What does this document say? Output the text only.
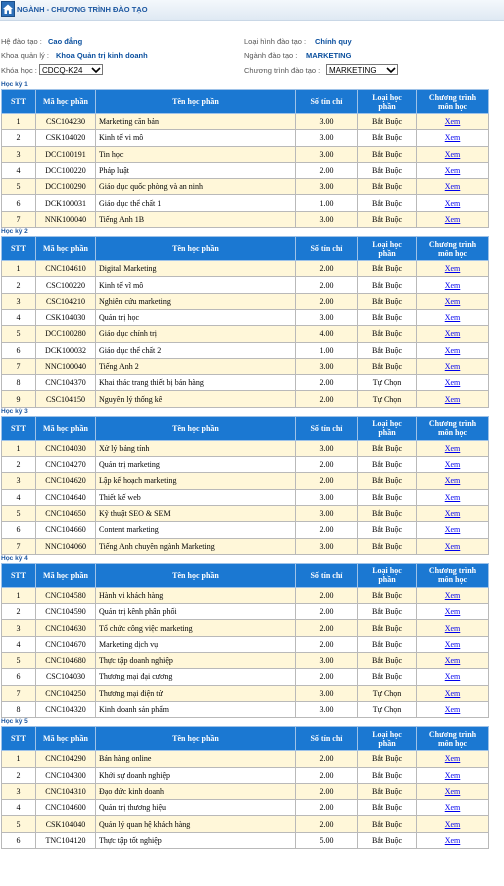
NGÀNH - CHƯƠNG TRÌNH ĐÀO TẠO
Hệ đào tạo : Cao đẳng	Loại hình đào tạo : Chính quy
Khoa quản lý : Khoa Quản trị kinh doanh	Ngành đào tạo : MARKETING
Khóa học : CDCQ-K24	Chương trình đào tạo :	MARKETING
Học kỳ 1
STT	Mã học phần	Tên học phần	Số tín chỉ	Loại học
phần	Chương trình
môn học
1	CSC104230	Marketing căn bản	3.00	Bắt Buộc	Xem
2	CSK104020	Kinh tế vi mô	3.00	Bắt Buộc	Xem
3	DCC100191	Tin học	3.00	Bắt Buộc	Xem
4	DCC100220	Pháp luật	2.00	Bắt Buộc	Xem
5	DCC100290	Giáo dục quốc phòng và an ninh	3.00	Bắt Buộc	Xem
6	DCK100031	Giáo dục thể chất 1	1.00	Bắt Buộc	Xem
7	NNK100040	Tiếng Anh 1B	3.00	Bắt Buộc	Xem
Học kỳ 2
STT	Mã học phần	Tên học phần	Số tín chỉ	Loại học
phần	Chương trình
môn học
1	CNC104610	Digital Marketing	2.00	Bắt Buộc	Xem
2	CSC100220	Kinh tế vĩ mô	2.00	Bắt Buộc	Xem
3	CSC104210	Nghiên cứu marketing	2.00	Bắt Buộc	Xem
4	CSK104030	Quản trị học	3.00	Bắt Buộc	Xem
5	DCC100280	Giáo dục chính trị	4.00	Bắt Buộc	Xem
6	DCK100032	Giáo dục thể chất 2	1.00	Bắt Buộc	Xem
7	NNC100040	Tiếng Anh 2	3.00	Bắt Buộc	Xem
8	CNC104370	Khai thác trang thiết bị bán hàng	2.00	Tự Chọn	Xem
9	CSC104150	Nguyên lý thống kê	2.00	Tự Chọn	Xem
Học kỳ 3
STT	Mã học phần	Tên học phần	Số tín chỉ	Loại học
phần	Chương trình
môn học
1	CNC104030	Xử lý bảng tính	3.00	Bắt Buộc	Xem
2	CNC104270	Quản trị marketing	2.00	Bắt Buộc	Xem
3	CNC104620	Lập kế hoạch marketing	2.00	Bắt Buộc	Xem
4	CNC104640	Thiết kế web	3.00	Bắt Buộc	Xem
5	CNC104650	Kỹ thuật SEO & SEM	3.00	Bắt Buộc	Xem
6	CNC104660	Content marketing	2.00	Bắt Buộc	Xem
7	NNC104060	Tiếng Anh chuyên ngành Marketing	3.00	Bắt Buộc	Xem
Học kỳ 4
STT	Mã học phần	Tên học phần	Số tín chỉ	Loại học
phần	Chương trình
môn học
1	CNC104580	Hành vi khách hàng	2.00	Bắt Buộc	Xem
2	CNC104590	Quản trị kênh phân phối	2.00	Bắt Buộc	Xem
3	CNC104630	Tổ chức công việc marketing	2.00	Bắt Buộc	Xem
4	CNC104670	Marketing dịch vụ	2.00	Bắt Buộc	Xem
5	CNC104680	Thực tập doanh nghiệp	3.00	Bắt Buộc	Xem
6	CSC104030	Thương mại đại cương	2.00	Bắt Buộc	Xem
7	CNC104250	Thương mại điện tử	3.00	Tự Chọn	Xem
8	CNC104320	Kinh doanh sản phẩm	3.00	Tự Chọn	Xem
Học kỳ 5
STT	Mã học phần	Tên học phần	Số tín chỉ	Loại học
phần	Chương trình
môn học
1	CNC104290	Bán hàng online	2.00	Bắt Buộc	Xem
2	CNC104300	Khởi sự doanh nghiệp	2.00	Bắt Buộc	Xem
3	CNC104310	Đạo đức kinh doanh	2.00	Bắt Buộc	Xem
4	CNC104600	Quản trị thương hiệu	2.00	Bắt Buộc	Xem
5	CSK104040	Quản lý quan hệ khách hàng	2.00	Bắt Buộc	Xem
6	TNC104120	Thực tập tốt nghiệp	5.00	Bắt Buộc	Xem
